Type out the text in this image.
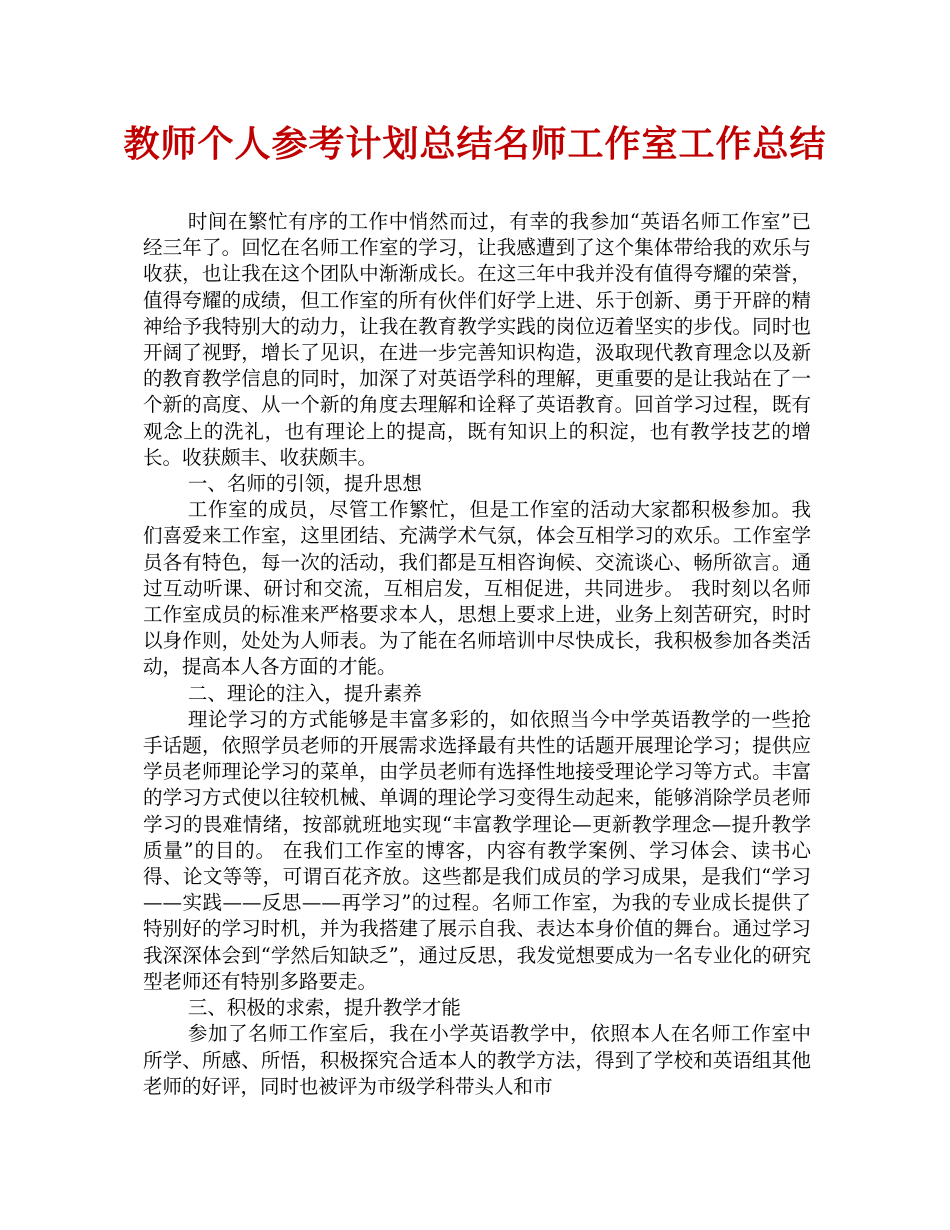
教师个人参考计划总结名师工作室工作总结

时间在繁忙有序的工作中悄然而过，有幸的我参加“英语名师工作室”已经三年了。回忆在名师工作室的学习，让我感遭到了这个集体带给我的欢乐与收获，也让我在这个团队中渐渐成长。在这三年中我并没有值得夸耀的荣誉，值得夸耀的成绩，但工作室的所有伙伴们好学上进、乐于创新、勇于开辟的精神给予我特别大的动力，让我在教育教学实践的岗位迈着坚实的步伐。同时也开阔了视野，增长了见识，在进一步完善知识构造，汲取现代教育理念以及新的教育教学信息的同时，加深了对英语学科的理解，更重要的是让我站在了一个新的高度、从一个新的角度去理解和诠释了英语教育。回首学习过程，既有观念上的洗礼，也有理论上的提高，既有知识上的积淀，也有教学技艺的增长。收获颇丰、收获颇丰。

一、名师的引领，提升思想

工作室的成员，尽管工作繁忙，但是工作室的活动大家都积极参加。我们喜爱来工作室，这里团结、充满学术气氛，体会互相学习的欢乐。工作室学员各有特色，每一次的活动，我们都是互相咨询候、交流谈心、畅所欲言。通过互动听课、研讨和交流，互相启发，互相促进，共同进步。 我时刻以名师工作室成员的标准来严格要求本人，思想上要求上进，业务上刻苦研究，时时以身作则，处处为人师表。为了能在名师培训中尽快成长，我积极参加各类活动，提高本人各方面的才能。

二、理论的注入，提升素养

理论学习的方式能够是丰富多彩的，如依照当今中学英语教学的一些抢手话题，依照学员老师的开展需求选择最有共性的话题开展理论学习；提供应学员老师理论学习的菜单，由学员老师有选择性地接受理论学习等方式。丰富的学习方式使以往较机械、单调的理论学习变得生动起来，能够消除学员老师学习的畏难情绪，按部就班地实现“丰富教学理论—更新教学理念—提升教学质量”的目的。 在我们工作室的博客，内容有教学案例、学习体会、读书心得、论文等等，可谓百花齐放。这些都是我们成员的学习成果，是我们“学习——实践——反思——再学习”的过程。名师工作室，为我的专业成长提供了特别好的学习时机，并为我搭建了展示自我、表达本身价值的舞台。通过学习我深深体会到“学然后知缺乏”，通过反思，我发觉想要成为一名专业化的研究型老师还有特别多路要走。

三、积极的求索，提升教学才能

参加了名师工作室后，我在小学英语教学中，依照本人在名师工作室中所学、所感、所悟，积极探究合适本人的教学方法，得到了学校和英语组其他老师的好评，同时也被评为市级学科带头人和市
